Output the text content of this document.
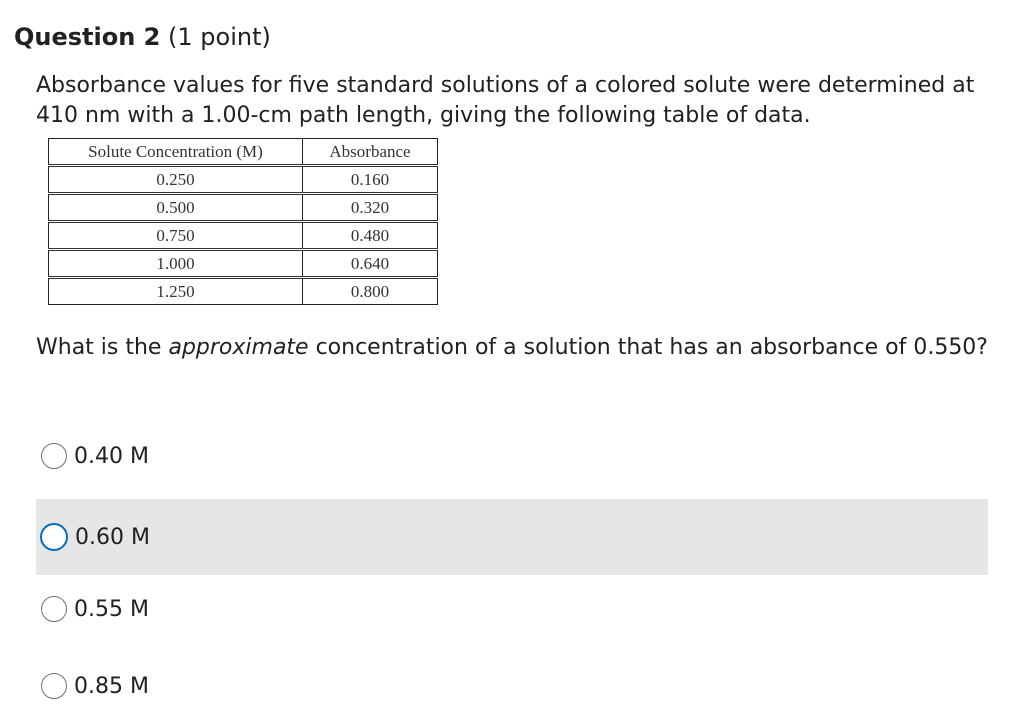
Question 2 (1 point)
Absorbance values for five standard solutions of a colored solute were determined at 410 nm with a 1.00-cm path length, giving the following table of data.
Solute Concentration (M)	Absorbance
0.250	0.160
0.500	0.320
0.750	0.480
1.000	0.640
1.250	0.800
What is the approximate concentration of a solution that has an absorbance of 0.550?
0.40 M
0.60 M
0.55 M
0.85 M
